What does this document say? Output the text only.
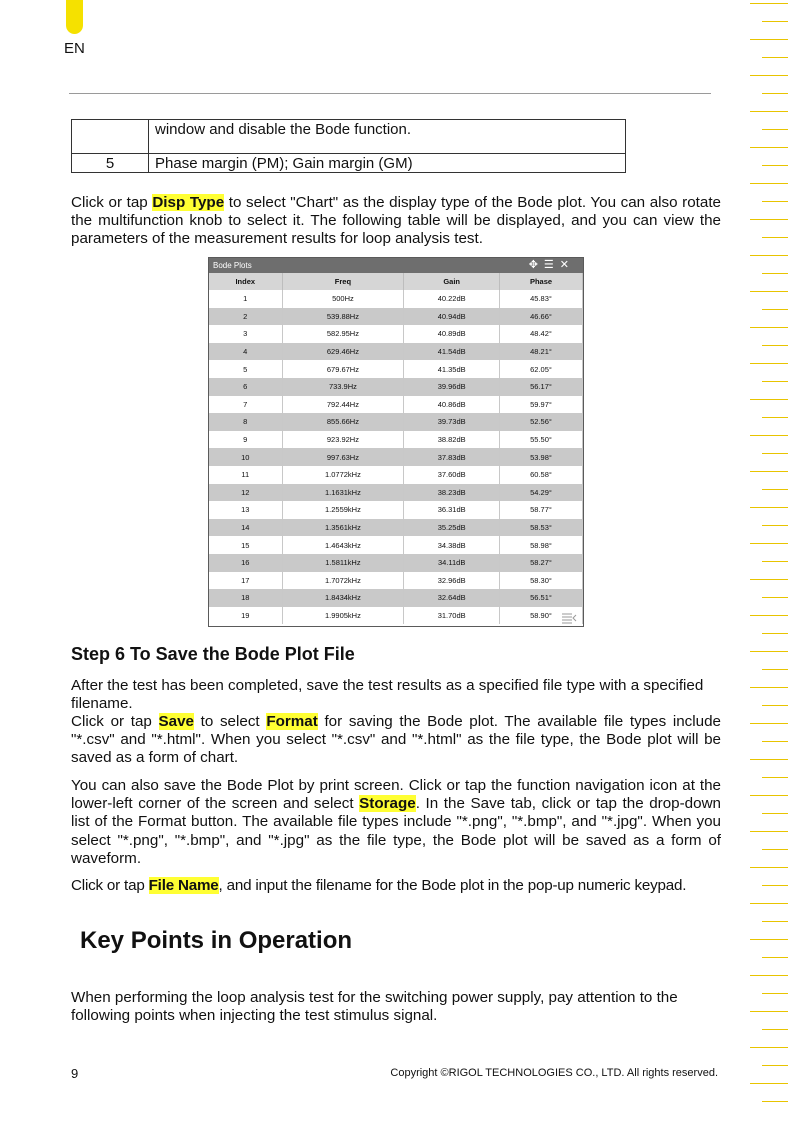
EN
	window and disable the Bode function.
5	Phase margin (PM); Gain margin (GM)

Click or tap Disp Type to select "Chart" as the display type of the Bode plot. You can also rotate the multifunction knob to select it. The following table will be displayed, and you can view the parameters of the measurement results for loop analysis test.

Bode Plots	✥☰✕
Index	Freq	Gain	Phase
1	500Hz	40.22dB	45.83°
2	539.88Hz	40.94dB	46.66°
3	582.95Hz	40.89dB	48.42°
4	629.46Hz	41.54dB	48.21°
5	679.67Hz	41.35dB	62.05°
6	733.9Hz	39.96dB	56.17°
7	792.44Hz	40.86dB	59.97°
8	855.66Hz	39.73dB	52.56°
9	923.92Hz	38.82dB	55.50°
10	997.63Hz	37.83dB	53.98°
11	1.0772kHz	37.60dB	60.58°
12	1.1631kHz	38.23dB	54.29°
13	1.2559kHz	36.31dB	58.77°
14	1.3561kHz	35.25dB	58.53°
15	1.4643kHz	34.38dB	58.98°
16	1.5811kHz	34.11dB	58.27°
17	1.7072kHz	32.96dB	58.30°
18	1.8434kHz	32.64dB	56.51°
19	1.9905kHz	31.70dB	58.90°
Step 6 To Save the Bode Plot File

After the test has been completed, save the test results as a specified file type with a specified filename.

Click or tap Save to select Format for saving the Bode plot. The available file types include "*.csv" and "*.html". When you select "*.csv" and "*.html" as the file type, the Bode plot will be saved as a form of chart.

You can also save the Bode Plot by print screen. Click or tap the function navigation icon at the lower-left corner of the screen and select Storage. In the Save tab, click or tap the drop-down list of the Format button. The available file types include "*.png", "*.bmp", and "*.jpg". When you select "*.png", "*.bmp", and "*.jpg" as the file type, the Bode plot will be saved as a form of waveform.

Click or tap File Name, and input the filename for the Bode plot in the pop-up numeric keypad.

Key Points in Operation

When performing the loop analysis test for the switching power supply, pay attention to the following points when injecting the test stimulus signal.

9	Copyright ©RIGOL TECHNOLOGIES CO., LTD. All rights reserved.
